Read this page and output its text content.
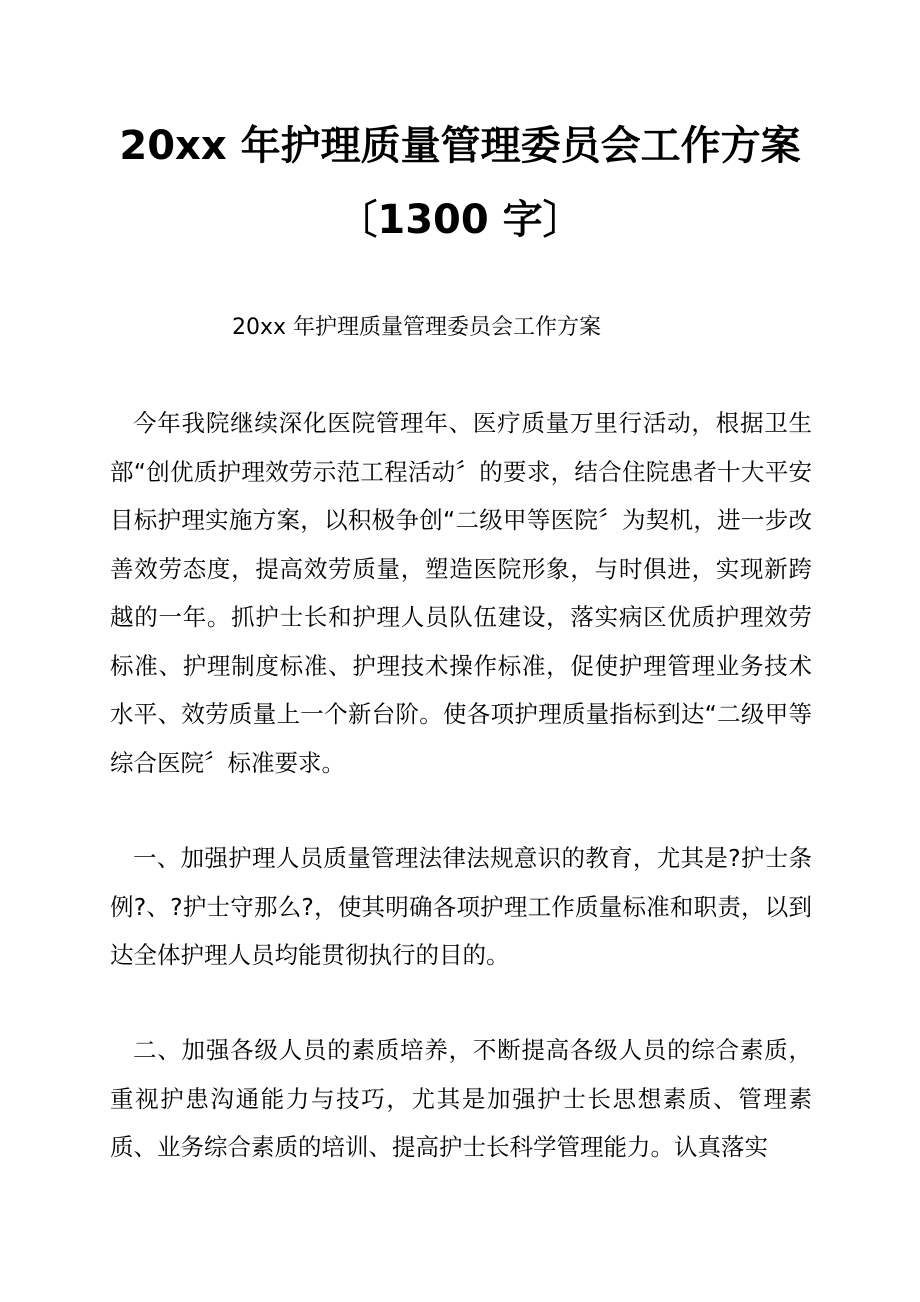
20xx 年护理质量管理委员会工作方案
〔1300 字〕
20xx 年护理质量管理委员会工作方案

今年我院继续深化医院管理年、医疗质量万里行活动，根据卫生部“创优质护理效劳示范工程活动〞的要求，结合住院患者十大平安目标护理实施方案，以积极争创“二级甲等医院〞为契机，进一步改善效劳态度，提高效劳质量，塑造医院形象，与时俱进，实现新跨越的一年。抓护士长和护理人员队伍建设，落实病区优质护理效劳标准、护理制度标准、护理技术操作标准，促使护理管理业务技术水平、效劳质量上一个新台阶。使各项护理质量指标到达“二级甲等综合医院〞标准要求。

一、加强护理人员质量管理法律法规意识的教育，尤其是?护士条例?、?护士守那么?，使其明确各项护理工作质量标准和职责，以到达全体护理人员均能贯彻执行的目的。

二、加强各级人员的素质培养，不断提高各级人员的综合素质，重视护患沟通能力与技巧，尤其是加强护士长思想素质、管理素质、业务综合素质的培训、提高护士长科学管理能力。认真落实
